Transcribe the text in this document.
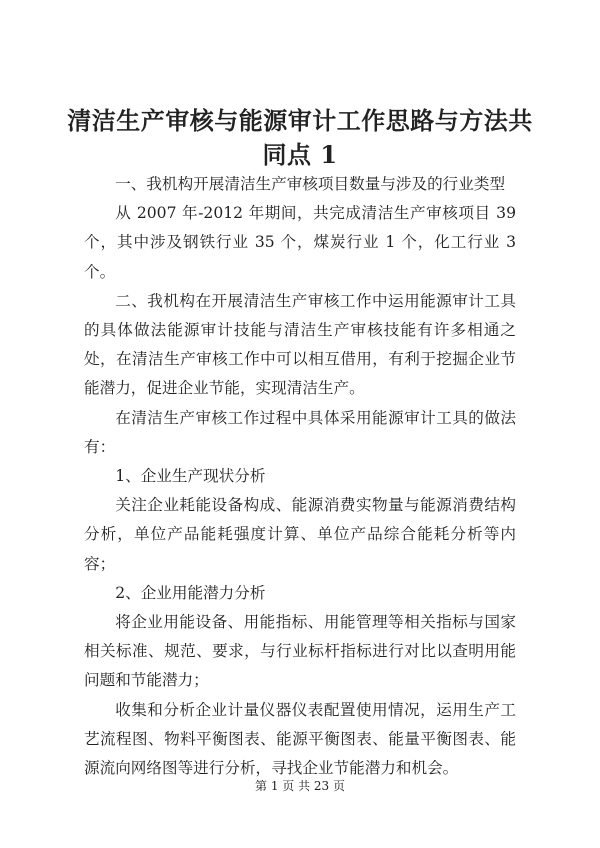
清洁生产审核与能源审计工作思路与方法共同点 1

一、我机构开展清洁生产审核项目数量与涉及的行业类型

从 2007 年-2012 年期间，共完成清洁生产审核项目 39 个，其中涉及钢铁行业 35 个，煤炭行业 1 个，化工行业 3 个。

二、我机构在开展清洁生产审核工作中运用能源审计工具的具体做法能源审计技能与清洁生产审核技能有许多相通之处，在清洁生产审核工作中可以相互借用，有利于挖掘企业节能潜力，促进企业节能，实现清洁生产。

在清洁生产审核工作过程中具体采用能源审计工具的做法有：

1、企业生产现状分析

关注企业耗能设备构成、能源消费实物量与能源消费结构分析，单位产品能耗强度计算、单位产品综合能耗分析等内容；

2、企业用能潜力分析

将企业用能设备、用能指标、用能管理等相关指标与国家相关标准、规范、要求，与行业标杆指标进行对比以查明用能问题和节能潜力；

收集和分析企业计量仪器仪表配置使用情况，运用生产工艺流程图、物料平衡图表、能源平衡图表、能量平衡图表、能源流向网络图等进行分析，寻找企业节能潜力和机会。

第 1 页 共 23 页
